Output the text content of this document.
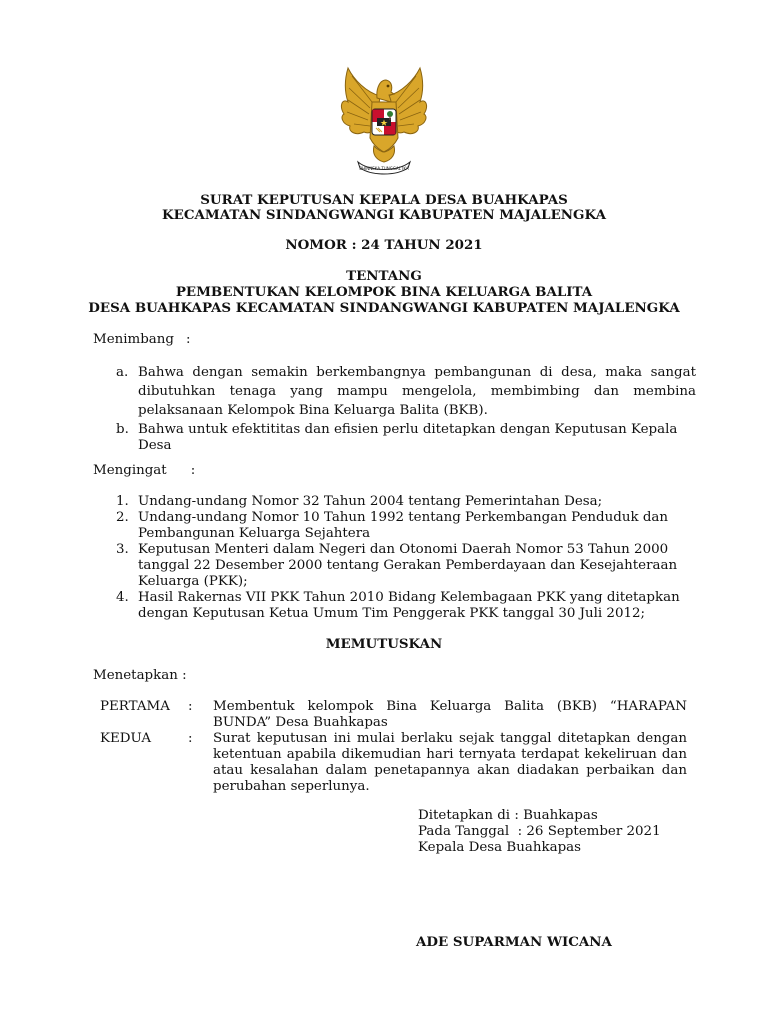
BHINNEKA TUNGGAL IKA
SURAT KEPUTUSAN KEPALA DESA BUAHKAPAS
KECAMATAN SINDANGWANGI KABUPATEN MAJALENGKA
NOMOR : 24 TAHUN 2021
TENTANG
PEMBENTUKAN KELOMPOK BINA KELUARGA BALITA
DESA BUAHKAPAS KECAMATAN SINDANGWANGI KABUPATEN MAJALENGKA
Menimbang :
a. Bahwa dengan semakin berkembangnya pembangunan di desa, maka sangat dibutuhkan tenaga yang mampu mengelola, membimbing dan membina pelaksanaan Kelompok Bina Keluarga Balita (BKB).
b. Bahwa untuk efektititas dan efisien perlu ditetapkan dengan Keputusan Kepala Desa
Mengingat :
1. Undang-undang Nomor 32 Tahun 2004 tentang Pemerintahan Desa;
2. Undang-undang Nomor 10 Tahun 1992 tentang Perkembangan Penduduk dan Pembangunan Keluarga Sejahtera
3. Keputusan Menteri dalam Negeri dan Otonomi Daerah Nomor 53 Tahun 2000 tanggal 22 Desember 2000 tentang Gerakan Pemberdayaan dan Kesejahteraan Keluarga (PKK);
4. Hasil Rakernas VII PKK Tahun 2010 Bidang Kelembagaan PKK yang ditetapkan dengan Keputusan Ketua Umum Tim Penggerak PKK tanggal 30 Juli 2012;
MEMUTUSKAN
Menetapkan :
PERTAMA	: Membentuk kelompok Bina Keluarga Balita (BKB) “HARAPAN BUNDA” Desa Buahkapas
KEDUA	: Surat keputusan ini mulai berlaku sejak tanggal ditetapkan dengan ketentuan apabila dikemudian hari ternyata terdapat kekeliruan dan atau kesalahan dalam penetapannya akan diadakan perbaikan dan perubahan seperlunya.
Ditetapkan di : Buahkapas
Pada Tanggal  : 26 September 2021
Kepala Desa Buahkapas
ADE SUPARMAN WICANA
